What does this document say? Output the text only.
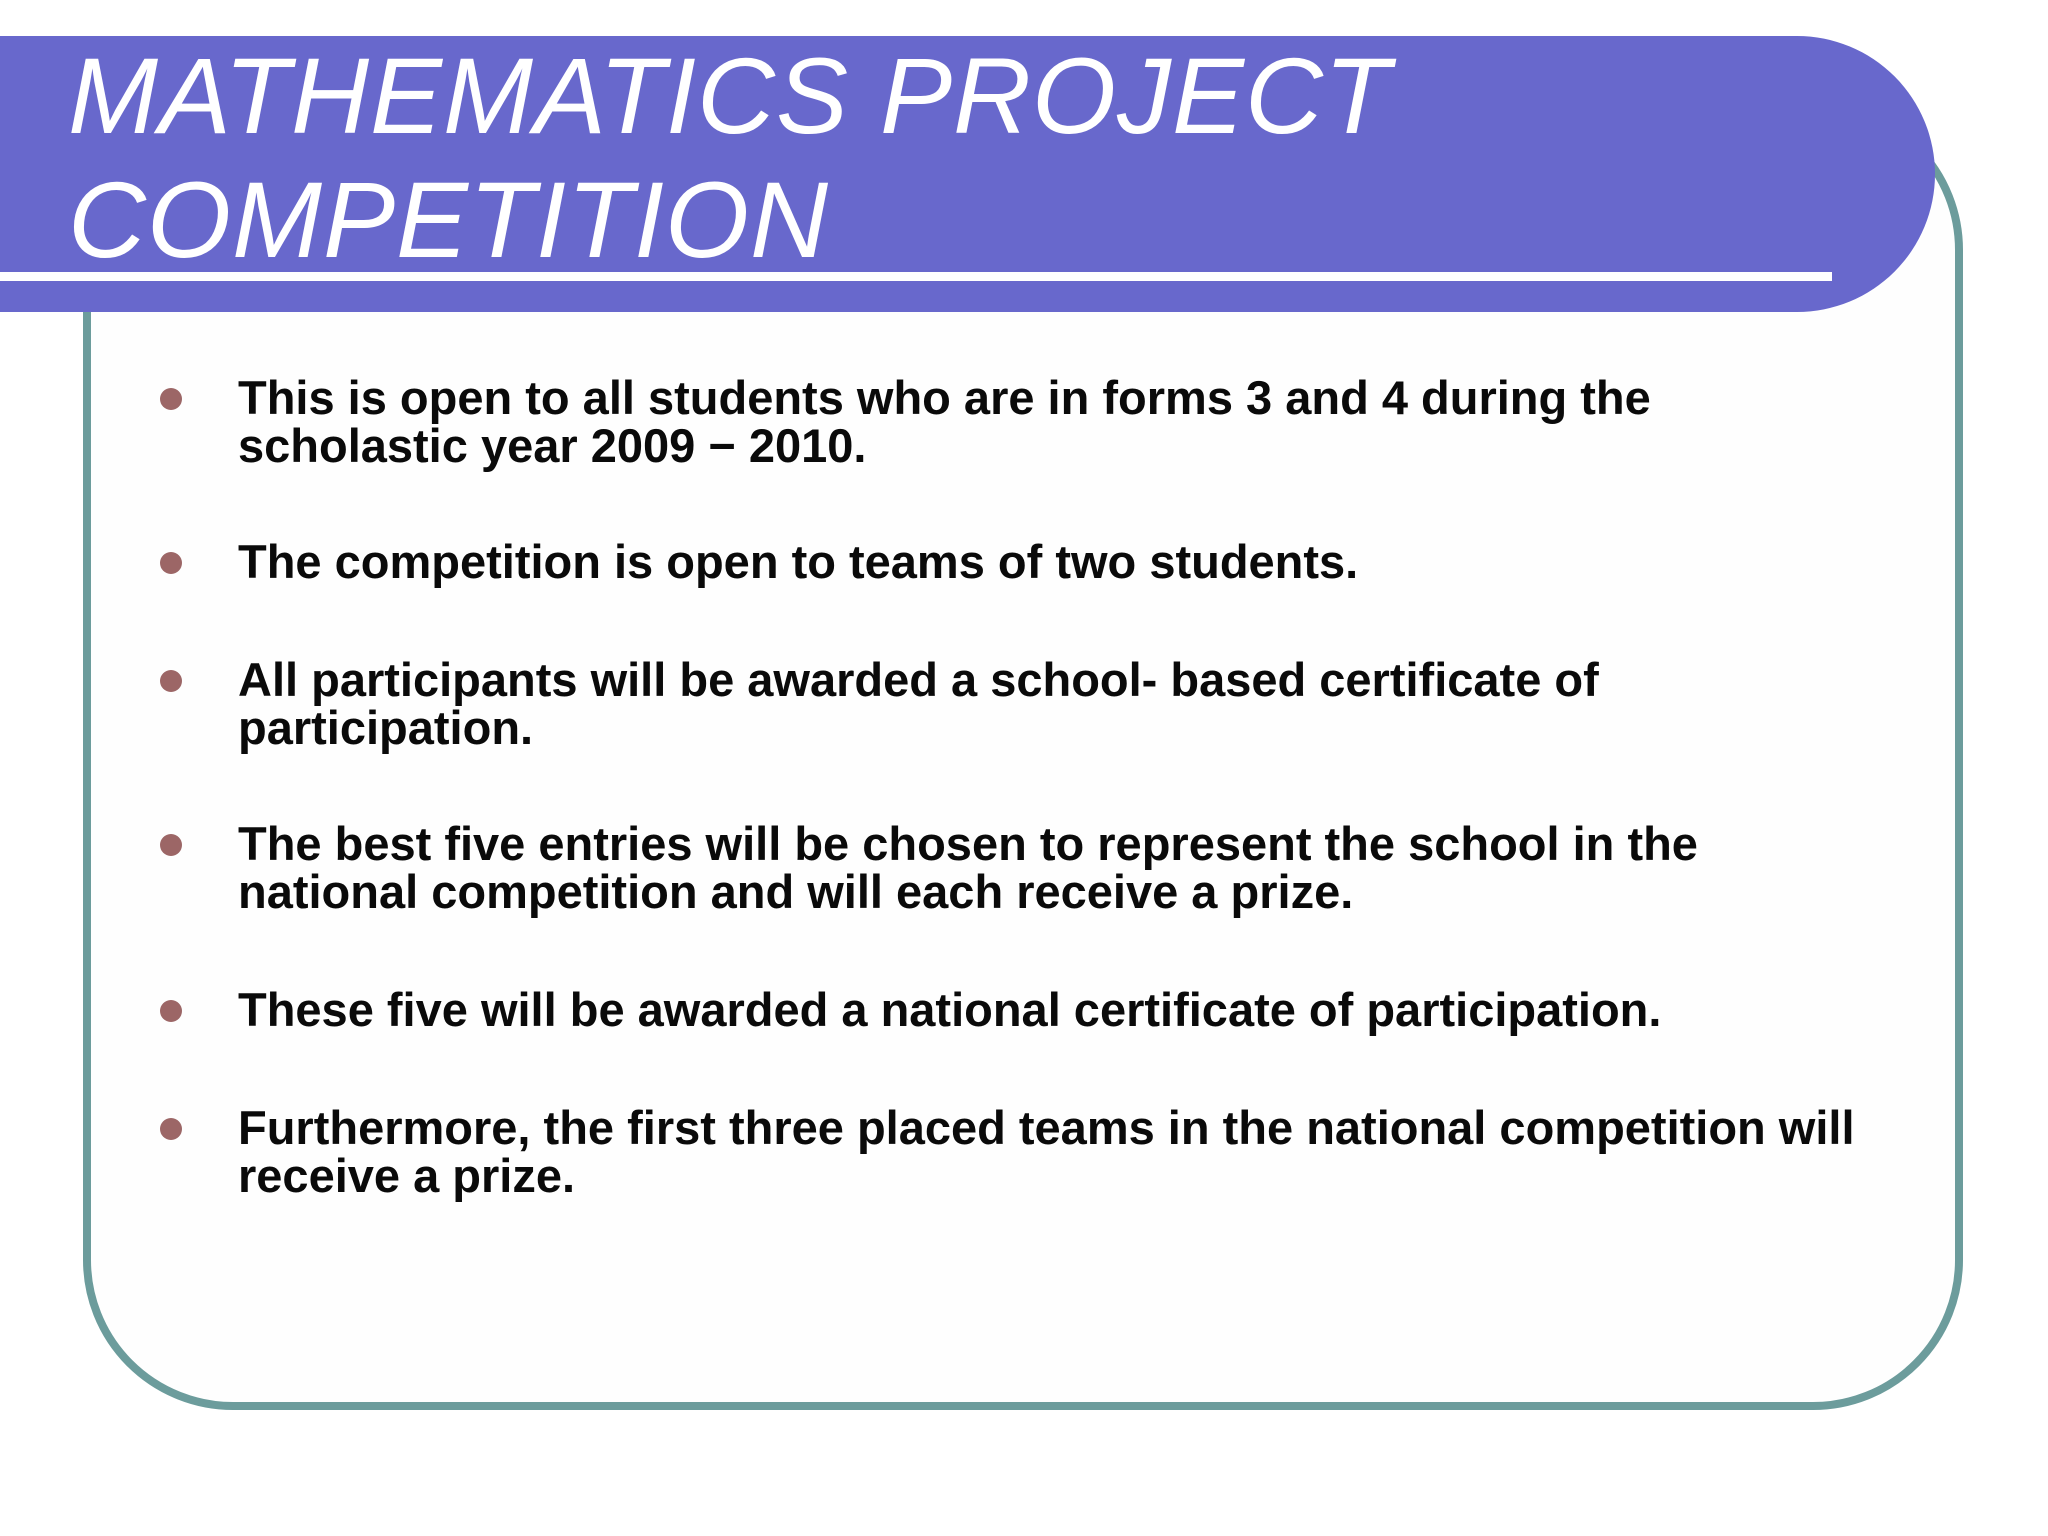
MATHEMATICS PROJECT
COMPETITION
This is open to all students who are in forms 3 and 4 during the scholastic year 2009 − 2010.
The competition is open to teams of two students.
All participants will be awarded a school- based certificate of participation.
The best five entries will be chosen to represent the school in the national competition and will each receive a prize.
These five will be awarded a national certificate of participation.
Furthermore, the first three placed teams in the national competition will receive a prize.
